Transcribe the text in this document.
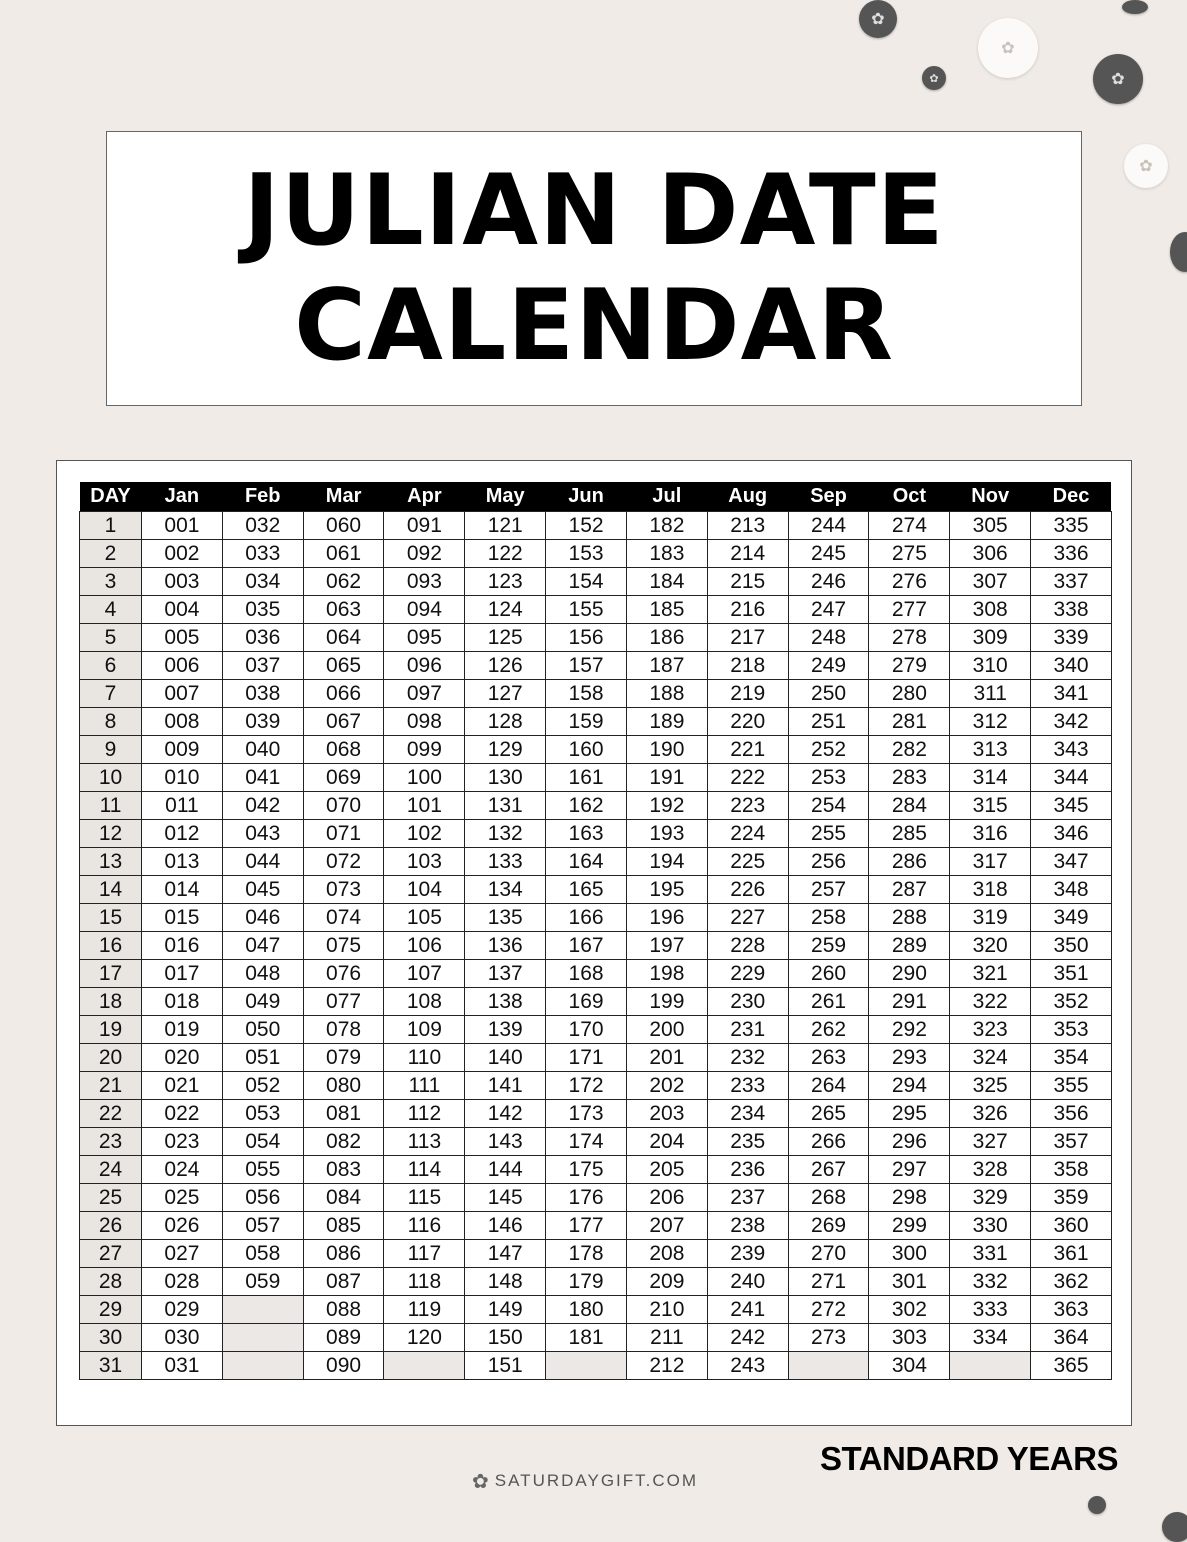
✿
✿
✿	✿
✿
JULIAN DATE
CALENDAR
DAY	Jan	Feb	Mar	Apr	May	Jun	Jul	Aug	Sep	Oct	Nov	Dec
1	001	032	060	091	121	152	182	213	244	274	305	335
2	002	033	061	092	122	153	183	214	245	275	306	336
3	003	034	062	093	123	154	184	215	246	276	307	337
4	004	035	063	094	124	155	185	216	247	277	308	338
5	005	036	064	095	125	156	186	217	248	278	309	339
6	006	037	065	096	126	157	187	218	249	279	310	340
7	007	038	066	097	127	158	188	219	250	280	311	341
8	008	039	067	098	128	159	189	220	251	281	312	342
9	009	040	068	099	129	160	190	221	252	282	313	343
10	010	041	069	100	130	161	191	222	253	283	314	344
11	011	042	070	101	131	162	192	223	254	284	315	345
12	012	043	071	102	132	163	193	224	255	285	316	346
13	013	044	072	103	133	164	194	225	256	286	317	347
14	014	045	073	104	134	165	195	226	257	287	318	348
15	015	046	074	105	135	166	196	227	258	288	319	349
16	016	047	075	106	136	167	197	228	259	289	320	350
17	017	048	076	107	137	168	198	229	260	290	321	351
18	018	049	077	108	138	169	199	230	261	291	322	352
19	019	050	078	109	139	170	200	231	262	292	323	353
20	020	051	079	110	140	171	201	232	263	293	324	354
21	021	052	080	111	141	172	202	233	264	294	325	355
22	022	053	081	112	142	173	203	234	265	295	326	356
23	023	054	082	113	143	174	204	235	266	296	327	357
24	024	055	083	114	144	175	205	236	267	297	328	358
25	025	056	084	115	145	176	206	237	268	298	329	359
26	026	057	085	116	146	177	207	238	269	299	330	360
27	027	058	086	117	147	178	208	239	270	300	331	361
28	028	059	087	118	148	179	209	240	271	301	332	362
29	029		088	119	149	180	210	241	272	302	333	363
30	030		089	120	150	181	211	242	273	303	334	364
31	031		090		151		212	243		304		365
STANDARD YEARS
✿ SATURDAYGIFT.COM
